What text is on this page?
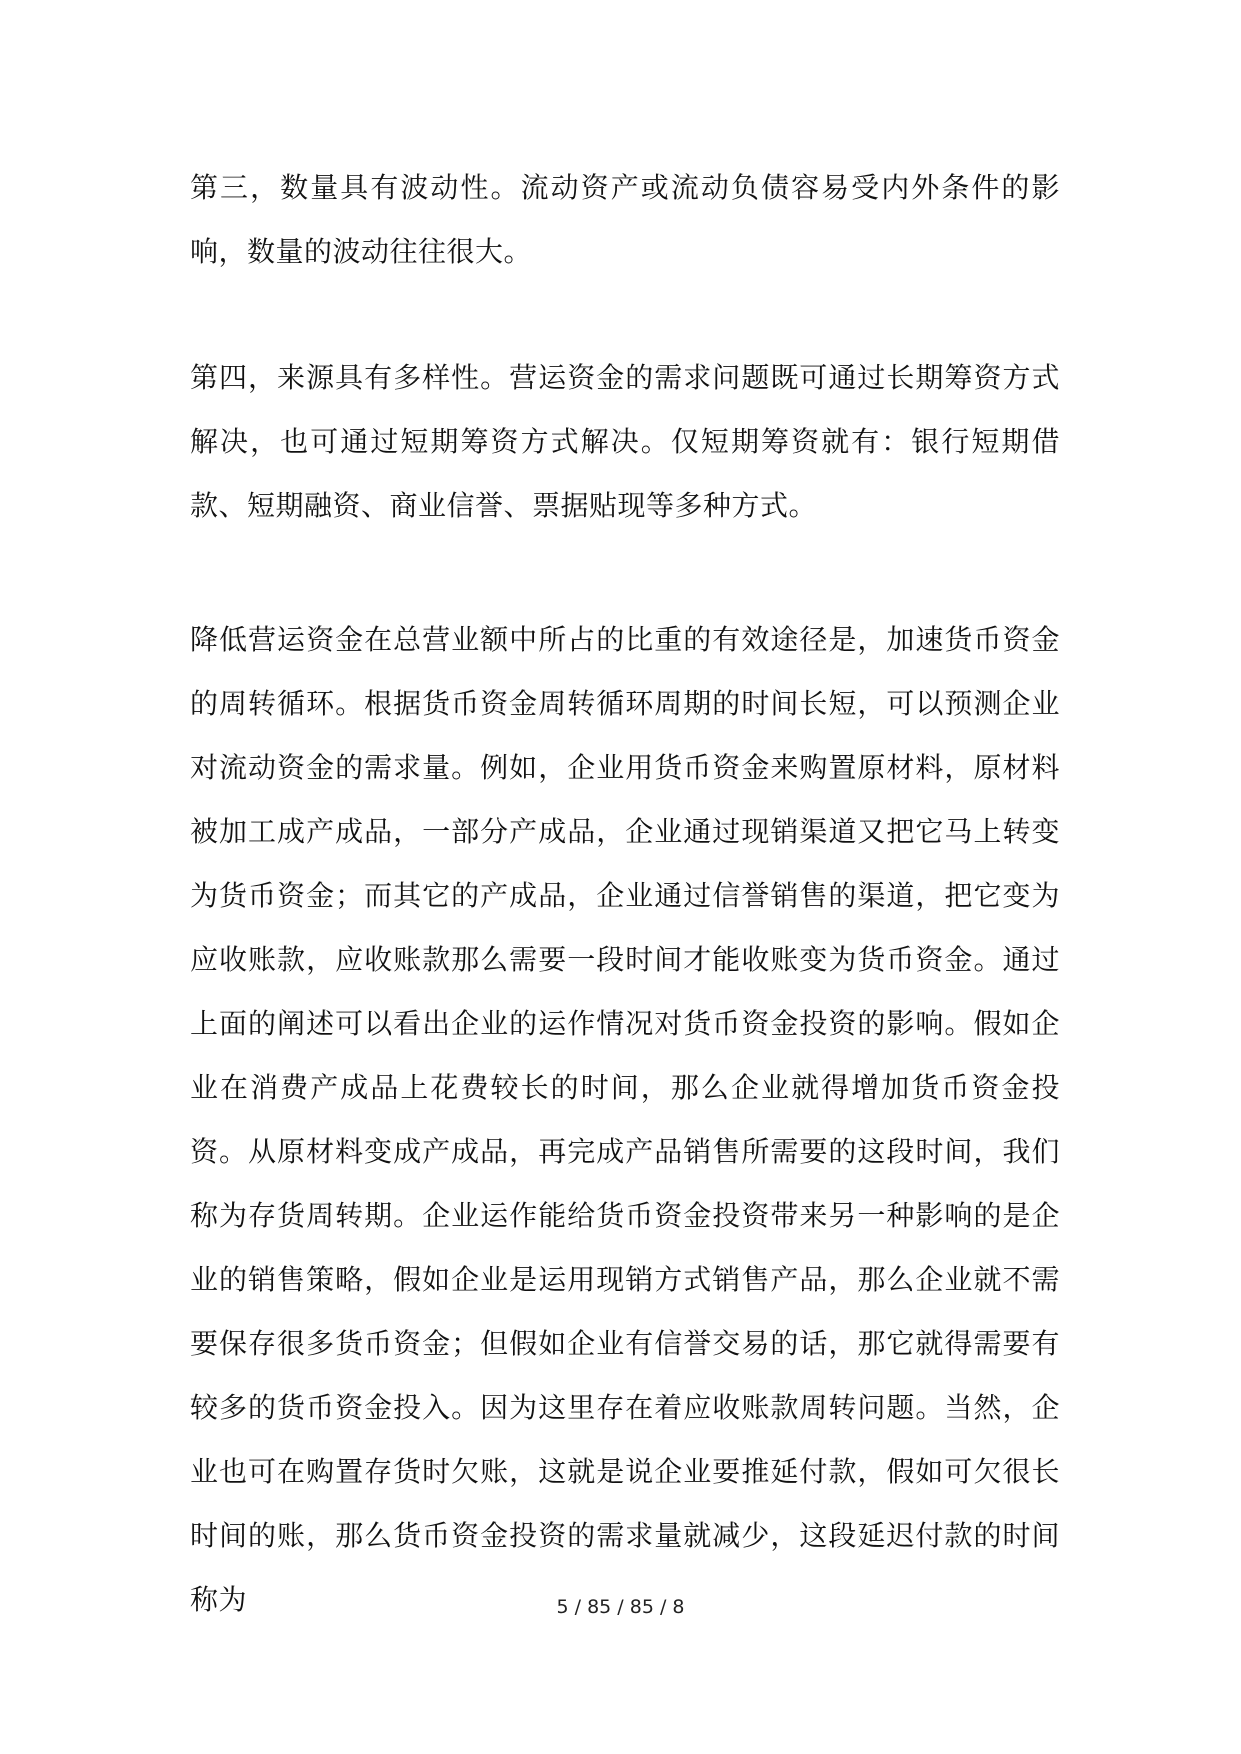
第三，数量具有波动性。流动资产或流动负债容易受内外条件的影响，数量的波动往往很大。

第四，来源具有多样性。营运资金的需求问题既可通过长期筹资方式解决，也可通过短期筹资方式解决。仅短期筹资就有：银行短期借款、短期融资、商业信誉、票据贴现等多种方式。

降低营运资金在总营业额中所占的比重的有效途径是，加速货币资金的周转循环。根据货币资金周转循环周期的时间长短，可以预测企业对流动资金的需求量。例如，企业用货币资金来购置原材料，原材料被加工成产成品，一部分产成品，企业通过现销渠道又把它马上转变为货币资金；而其它的产成品，企业通过信誉销售的渠道，把它变为应收账款，应收账款那么需要一段时间才能收账变为货币资金。通过上面的阐述可以看出企业的运作情况对货币资金投资的影响。假如企业在消费产成品上花费较长的时间，那么企业就得增加货币资金投资。从原材料变成产成品，再完成产品销售所需要的这段时间，我们称为存货周转期。企业运作能给货币资金投资带来另一种影响的是企业的销售策略，假如企业是运用现销方式销售产品，那么企业就不需要保存很多货币资金；但假如企业有信誉交易的话，那它就得需要有较多的货币资金投入。因为这里存在着应收账款周转问题。当然，企业也可在购置存货时欠账，这就是说企业要推延付款，假如可欠很长时间的账，那么货币资金投资的需求量就减少，这段延迟付款的时间称为	5 / 85 / 85 / 8
